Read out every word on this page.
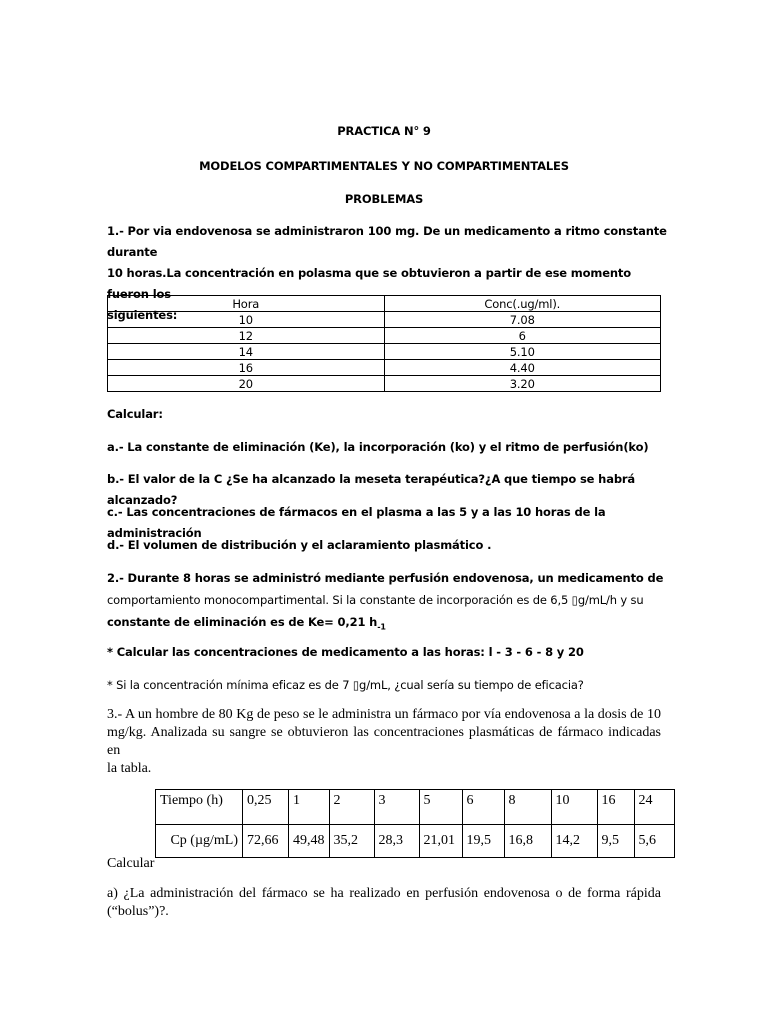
PRACTICA N° 9
MODELOS COMPARTIMENTALES Y NO COMPARTIMENTALES
PROBLEMAS
1.- Por via endovenosa se administraron 100 mg. De un medicamento a ritmo constante durante
10 horas.La concentración en polasma que se obtuvieron a partir de ese momento fueron los
siguientes:
Hora	Conc(.ug/ml).
10	7.08
12	6
14	5.10
16	4.40
20	3.20
Calcular:
a.- La constante de eliminación (Ke), la incorporación (ko) y el ritmo de perfusión(ko)
b.- El valor de la C ¿Se ha alcanzado la meseta terapéutica?¿A que tiempo se habrá alcanzado?
c.- Las concentraciones de fármacos en el plasma a las 5 y a las 10 horas de la administración
d.- El volumen de distribución y el aclaramiento plasmático .
2.- Durante 8 horas se administró mediante perfusión endovenosa, un medicamento de
comportamiento monocompartimental. Si la constante de incorporación es de 6,5 ▯g/mL/h y su
constante de eliminación es de Ke= 0,21 $h_{-1}$
* Calcular las concentraciones de medicamento a las horas: l - 3 - 6 - 8 y 20
* Si la concentración mínima eficaz es de 7 ▯g/mL, ¿cual sería su tiempo de eficacia?
3.- A un hombre de 80 Kg de peso se le administra un fármaco por vía endovenosa a la dosis de 10
mg/kg. Analizada su sangre se obtuvieron las concentraciones plasmáticas de fármaco indicadas en
la tabla.
Tiempo (h)	0,25	1	2	3	5	6	8	10	16	24
Cp (µg/mL)	72,66	49,48	35,2	28,3	21,01	19,5	16,8	14,2	9,5	5,6
Calcular
a) ¿La administración del fármaco se ha realizado en perfusión endovenosa o de forma rápida
(“bolus”)?.
